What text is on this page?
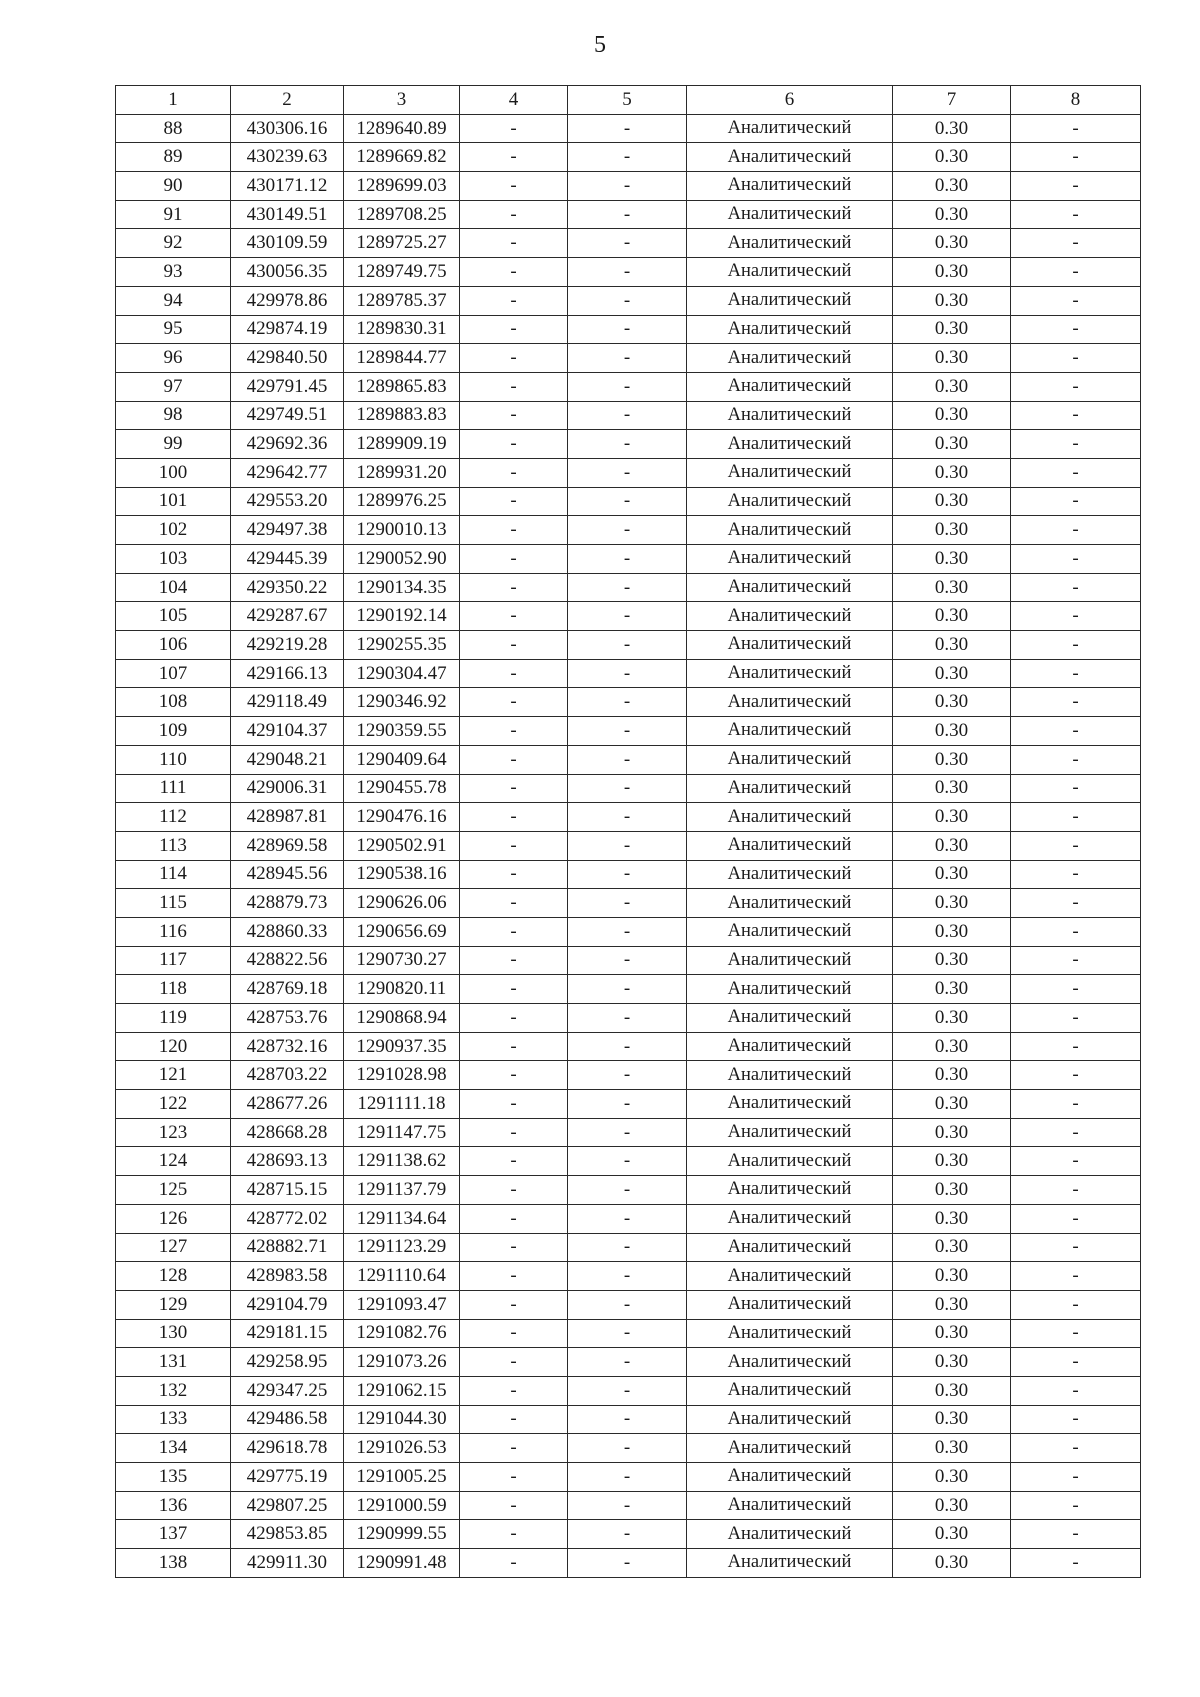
5
1	2	3	4	5	6	7	8
88	430306.16	1289640.89	-	-	Аналитический	0.30	-
89	430239.63	1289669.82	-	-	Аналитический	0.30	-
90	430171.12	1289699.03	-	-	Аналитический	0.30	-
91	430149.51	1289708.25	-	-	Аналитический	0.30	-
92	430109.59	1289725.27	-	-	Аналитический	0.30	-
93	430056.35	1289749.75	-	-	Аналитический	0.30	-
94	429978.86	1289785.37	-	-	Аналитический	0.30	-
95	429874.19	1289830.31	-	-	Аналитический	0.30	-
96	429840.50	1289844.77	-	-	Аналитический	0.30	-
97	429791.45	1289865.83	-	-	Аналитический	0.30	-
98	429749.51	1289883.83	-	-	Аналитический	0.30	-
99	429692.36	1289909.19	-	-	Аналитический	0.30	-
100	429642.77	1289931.20	-	-	Аналитический	0.30	-
101	429553.20	1289976.25	-	-	Аналитический	0.30	-
102	429497.38	1290010.13	-	-	Аналитический	0.30	-
103	429445.39	1290052.90	-	-	Аналитический	0.30	-
104	429350.22	1290134.35	-	-	Аналитический	0.30	-
105	429287.67	1290192.14	-	-	Аналитический	0.30	-
106	429219.28	1290255.35	-	-	Аналитический	0.30	-
107	429166.13	1290304.47	-	-	Аналитический	0.30	-
108	429118.49	1290346.92	-	-	Аналитический	0.30	-
109	429104.37	1290359.55	-	-	Аналитический	0.30	-
110	429048.21	1290409.64	-	-	Аналитический	0.30	-
111	429006.31	1290455.78	-	-	Аналитический	0.30	-
112	428987.81	1290476.16	-	-	Аналитический	0.30	-
113	428969.58	1290502.91	-	-	Аналитический	0.30	-
114	428945.56	1290538.16	-	-	Аналитический	0.30	-
115	428879.73	1290626.06	-	-	Аналитический	0.30	-
116	428860.33	1290656.69	-	-	Аналитический	0.30	-
117	428822.56	1290730.27	-	-	Аналитический	0.30	-
118	428769.18	1290820.11	-	-	Аналитический	0.30	-
119	428753.76	1290868.94	-	-	Аналитический	0.30	-
120	428732.16	1290937.35	-	-	Аналитический	0.30	-
121	428703.22	1291028.98	-	-	Аналитический	0.30	-
122	428677.26	1291111.18	-	-	Аналитический	0.30	-
123	428668.28	1291147.75	-	-	Аналитический	0.30	-
124	428693.13	1291138.62	-	-	Аналитический	0.30	-
125	428715.15	1291137.79	-	-	Аналитический	0.30	-
126	428772.02	1291134.64	-	-	Аналитический	0.30	-
127	428882.71	1291123.29	-	-	Аналитический	0.30	-
128	428983.58	1291110.64	-	-	Аналитический	0.30	-
129	429104.79	1291093.47	-	-	Аналитический	0.30	-
130	429181.15	1291082.76	-	-	Аналитический	0.30	-
131	429258.95	1291073.26	-	-	Аналитический	0.30	-
132	429347.25	1291062.15	-	-	Аналитический	0.30	-
133	429486.58	1291044.30	-	-	Аналитический	0.30	-
134	429618.78	1291026.53	-	-	Аналитический	0.30	-
135	429775.19	1291005.25	-	-	Аналитический	0.30	-
136	429807.25	1291000.59	-	-	Аналитический	0.30	-
137	429853.85	1290999.55	-	-	Аналитический	0.30	-
138	429911.30	1290991.48	-	-	Аналитический	0.30	-
